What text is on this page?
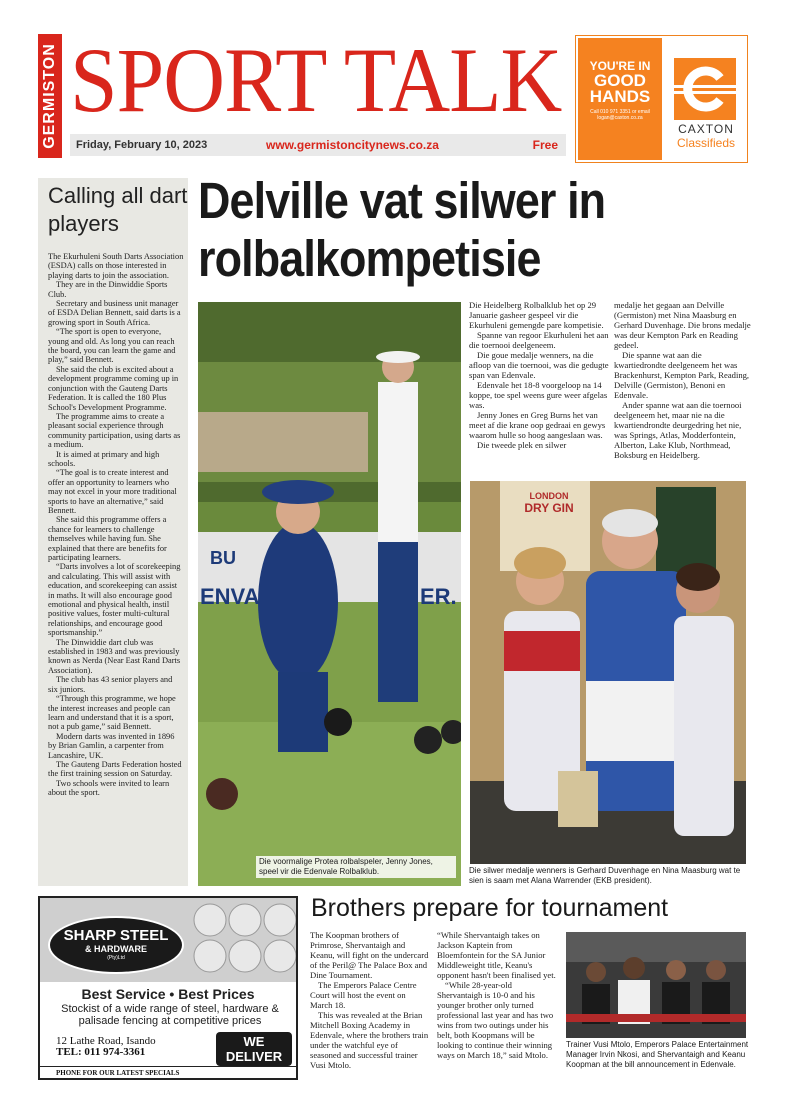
GERMISTON SPORT TALK
Friday, February 10, 2023	www.germistoncitynews.co.za	Free
YOU'RE IN
GOOD
HANDS
Call 010 971 3351 or email logan@caxton.co.za
CAXTON
Classifieds
Calling all dart players

The Ekurhuleni South Darts Association (ESDA) calls on those interested in playing darts to join the association.

They are in the Dinwiddie Sports Club.

Secretary and business unit manager of ESDA Delian Bennett, said darts is a growing sport in South Africa.

“The sport is open to everyone, young and old. As long you can reach the board, you can learn the game and play,” said Bennett.

She said the club is excited about a development programme coming up in conjunction with the Gauteng Darts Federation. It is called the 180 Plus School's Development Programme.

The programme aims to create a pleasant social experience through community participation, using darts as a medium.

It is aimed at primary and high schools.

“The goal is to create interest and offer an opportunity to learners who may not excel in your more traditional sports to have an alternative,” said Bennett.

She said this programme offers a chance for learners to challenge themselves while having fun. She explained that there are benefits for participating learners.

“Darts involves a lot of scorekeeping and calculating. This will assist with education, and scorekeeping can assist in maths. It will also encourage good emotional and physical health, instil positive values, foster multi-cultural relationships, and encourage good sportsmanship.”

The Dinwiddie dart club was established in 1983 and was previously known as Nerda (Near East Rand Darts Association).

The club has 43 senior players and six juniors.

“Through this programme, we hope the interest increases and people can learn and understand that it is a sport, not a pub game,” said Bennett.

Modern darts was invented in 1896 by Brian Gamlin, a carpenter from Lancashire, UK.

The Gauteng Darts Federation hosted the first training session on Saturday.

Two schools were invited to learn about the sport.

Delville vat silwer in rolbalkompetisie
BU
ENVA	ER.
Die voormalige Protea rolbalspeler, Jenny Jones, speel vir die Edenvale Rolbalklub.

Die Heidelberg Rolbalklub het op 29 Januarie gasheer gespeel vir die Ekurhuleni gemengde pare kompetisie.

Spanne van regoor Ekurhuleni het aan die toernooi deelgeneem.

Die goue medalje wenners, na die afloop van die toernooi, was die gedugte span van Edenvale.

Edenvale het 18-8 voorgeloop na 14 koppe, toe spel weens gure weer afgelas was.

Jenny Jones en Greg Burns het van meet af die krane oop gedraai en gewys waarom hulle so hoog aangeslaan was.

Die tweede plek en silwer

medalje het gegaan aan Delville (Germiston) met Nina Maasburg en Gerhard Duvenhage. Die brons medalje was deur Kempton Park en Reading gedeel.

Die spanne wat aan die kwartiedrondte deelgeneem het was Brackenhurst, Kempton Park, Reading, Delville (Germiston), Benoni en Edenvale.

Ander spanne wat aan die toernooi deelgeneem het, maar nie na die kwartiendrondte deurgedring het nie, was Springs, Atlas, Modderfontein, Alberton, Lake Klub, Northmead, Boksburg en Heidelberg.

LONDON
DRY GIN
Die silwer medalje wenners is Gerhard Duvenhage en Nina Maasburg wat te sien is saam met Alana Warrender (EKB president).
SHARP STEEL
& HARDWARE
(Pty)Ltd
Best Service • Best Prices
Stockist of a wide range of steel, hardware & palisade fencing at competitive prices
12 Lathe Road, Isando
TEL: 011 974-3361
WE
DELIVER
PHONE FOR OUR LATEST SPECIALS
Brothers prepare for tournament

The Koopman brothers of Primrose, Shervantaigh and Keanu, will fight on the undercard of the Peril@ The Palace Box and Dine Tournament.

The Emperors Palace Centre Court will host the event on March 18.

This was revealed at the Brian Mitchell Boxing Academy in Edenvale, where the brothers train under the watchful eye of seasoned and successful trainer Vusi Mtolo.

“While Shervantaigh takes on Jackson Kaptein from Bloemfontein for the SA Junior Middleweight title, Keanu's opponent hasn't been finalised yet.

“While 28-year-old Shervantaigh is 10-0 and his younger brother only turned professional last year and has two wins from two outings under his belt, both Koopmans will be looking to continue their winning ways on March 18,” said Mtolo.

Trainer Vusi Mtolo, Emperors Palace Entertainment Manager Irvin Nkosi, and Shervantaigh and Keanu Koopman at the bill announcement in Edenvale.
